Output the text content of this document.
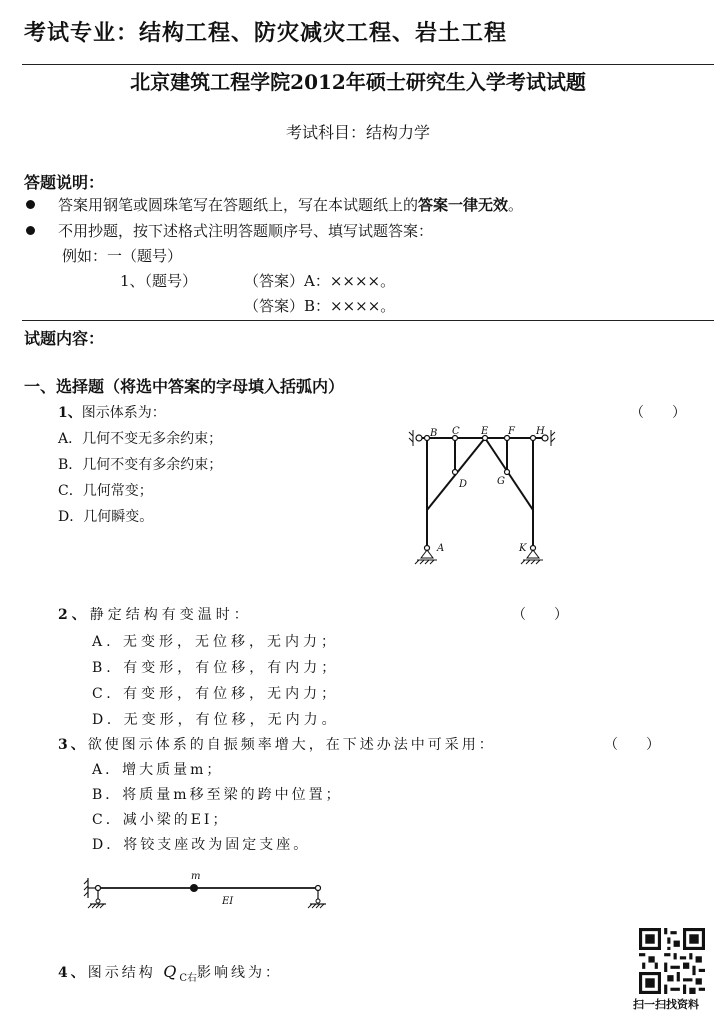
考试专业：结构工程、防灾减灾工程、岩土工程
北京建筑工程学院2012年硕士研究生入学考试试题
考试科目：结构力学
答题说明：
答案用钢笔或圆珠笔写在答题纸上，写在本试题纸上的答案一律无效。
不用抄题，按下述格式注明答题顺序号、填写试题答案：
例如：一（题号）
1、（题号）	（答案）A：××××。
（答案）B：××××。
试题内容：
一、选择题（将选中答案的字母填入括弧内）
1、图示体系为：	（　　）
A．几何不变无多余约束；
B．几何不变有多余约束；
C．几何常变；
D．几何瞬变。
B C E F H
D	G
A	K
2、静定结构有变温时：	（　　）
A. 无变形，无位移，无内力；
B. 有变形，有位移，有内力；
C. 有变形，有位移，无内力；
D. 无变形，有位移，无内力。
3、欲使图示体系的自振频率增大，在下述办法中可采用：	（　　）
A．增大质量m；
B．将质量m移至梁的跨中位置；
C．减小梁的EI；
D．将铰支座改为固定支座。
m
EI
4、图示结构 $Q_{C右}$影响线为：
扫一扫找资料
